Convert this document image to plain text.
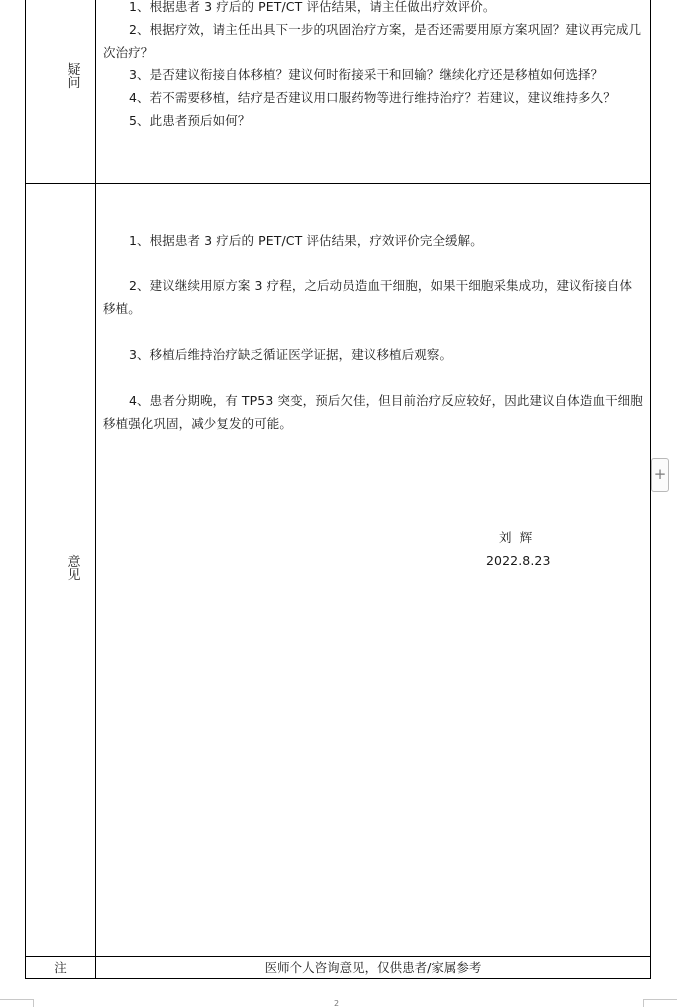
疑问
1、根据患者 3 疗后的 PET/CT 评估结果，请主任做出疗效评价。
2、根据疗效，请主任出具下一步的巩固治疗方案，是否还需要用原方案巩固？建议再完成几次治疗？
3、是否建议衔接自体移植？建议何时衔接采干和回输？继续化疗还是移植如何选择？
4、若不需要移植，结疗是否建议用口服药物等进行维持治疗？若建议，建议维持多久？
5、此患者预后如何？
意见
1、根据患者 3 疗后的 PET/CT 评估结果，疗效评价完全缓解。
2、建议继续用原方案 3 疗程，之后动员造血干细胞，如果干细胞采集成功，建议衔接自体移植。
3、移植后维持治疗缺乏循证医学证据，建议移植后观察。
4、患者分期晚，有 TP53 突变，预后欠佳，但目前治疗反应较好，因此建议自体造血干细胞移植强化巩固，减少复发的可能。
刘  辉
2022.8.23
注	医师个人咨询意见，仅供患者/家属参考
+
2
